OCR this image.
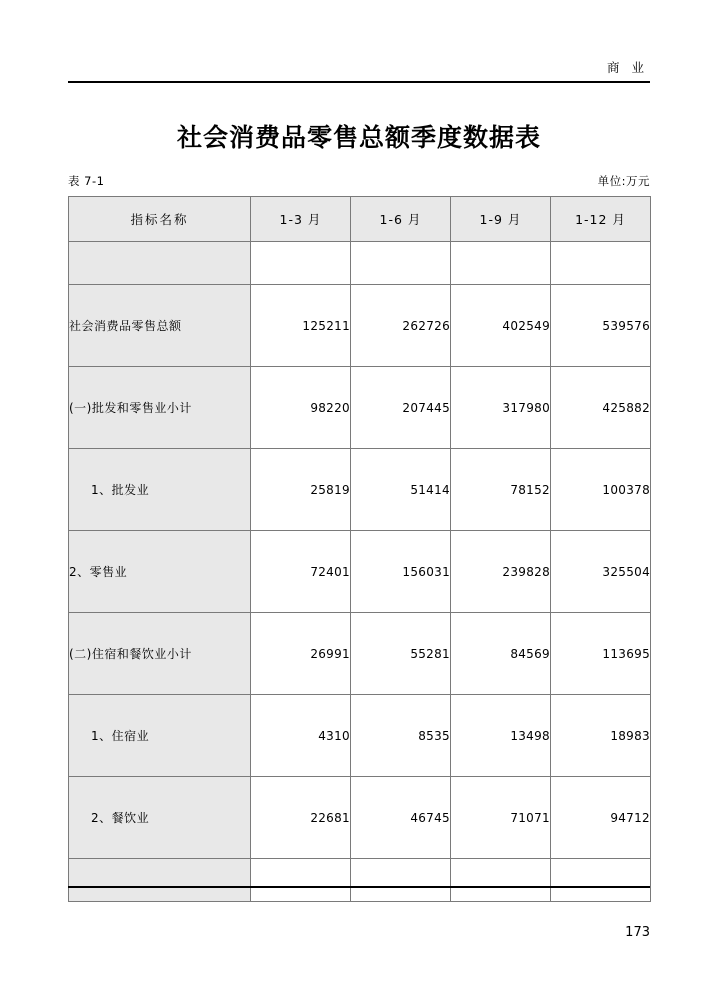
商 业
社会消费品零售总额季度数据表
表 7-1	单位:万元
指标名称	1-3 月	1-6 月	1-9 月	1-12 月

社会消费品零售总额	125211	262726	402549	539576
(一)批发和零售业小计	98220	207445	317980	425882
1、批发业	25819	51414	78152	100378
2、零售业	72401	156031	239828	325504
(二)住宿和餐饮业小计	26991	55281	84569	113695
1、住宿业	4310	8535	13498	18983
2、餐饮业	22681	46745	71071	94712

173
